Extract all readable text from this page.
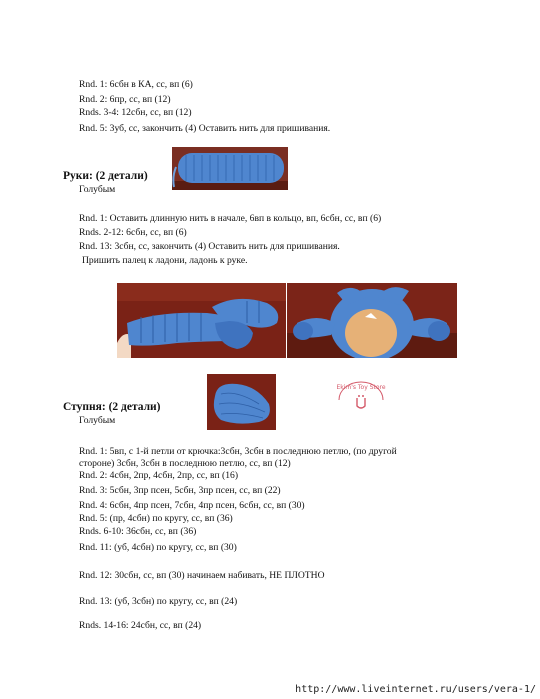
Rnd. 1: 6сбн в КА, сс, вп (6)
Rnd. 2: 6пр, сс, вп (12)
Rnds. 3-4: 12сбн, сс, вп (12)
Rnd. 5: 3уб, сс, закончить (4) Оставить нить для пришивания.
Руки: (2 детали)
Голубым
Rnd. 1: Оставить длинную нить в начале, 6вп в кольцо, вп, 6сбн, сс, вп (6)
Rnds. 2-12: 6сбн, сс, вп (6)
Rnd. 13: 3сбн, сс, закончить (4) Оставить нить для пришивания.
Пришить палец к ладони, ладонь к руке.
Ekim's Toy Store
Ступня: (2 детали)
Голубым
Rnd. 1: 5вп, с 1-й петли от крючка:3сбн, 3сбн в последнюю петлю, (по другой
стороне) 3сбн, 3сбн в последнюю петлю, сс, вп (12)
Rnd. 2: 4сбн, 2пр, 4сбн, 2пр, сс, вп (16)
Rnd. 3: 5сбн, 3пр псен, 5сбн, 3пр псен, сс, вп (22)
Rnd. 4: 6сбн, 4пр псен, 7сбн, 4пр псен, 6сбн, сс, вп (30)
Rnd. 5: (пр, 4сбн) по кругу, сс, вп (36)
Rnds. 6-10: 36сбн, сс, вп (36)
Rnd. 11: (уб, 4сбн) по кругу, сс, вп (30)
Rnd. 12: 30сбн, сс, вп (30) начинаем набивать, НЕ ПЛОТНО
Rnd. 13: (уб, 3сбн) по кругу, сс, вп (24)
Rnds. 14-16: 24сбн, сс, вп (24)
http://www.liveinternet.ru/users/vera-1/
